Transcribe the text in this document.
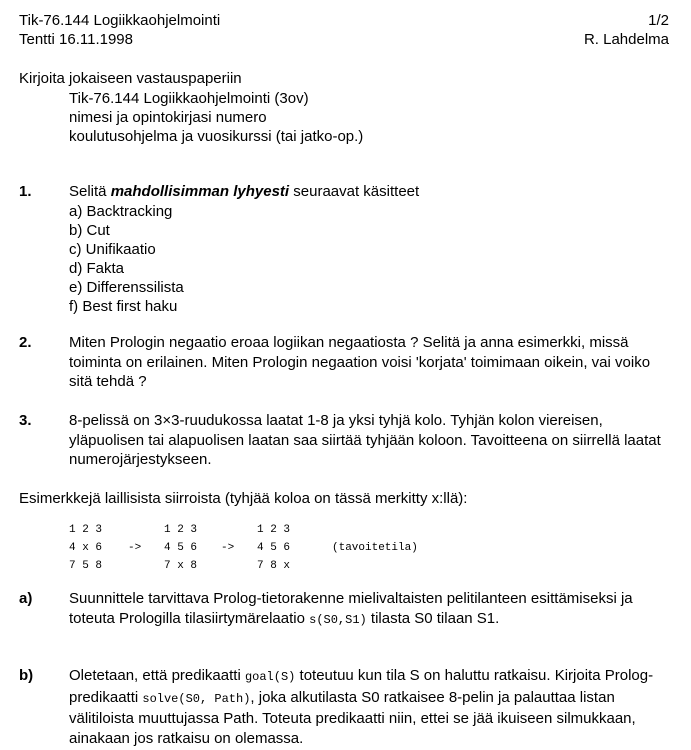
Tik-76.144 Logiikkaohjelmointi
Tentti 16.11.1998
1/2
R. Lahdelma
Kirjoita jokaiseen vastauspaperiin
Tik-76.144 Logiikkaohjelmointi (3ov)
nimesi ja opintokirjasi numero
koulutusohjelma ja vuosikurssi (tai jatko-op.)
1. Selitä mahdollisimman lyhyesti seuraavat käsitteet
a) Backtracking
b) Cut
c) Unifikaatio
d) Fakta
e) Differenssilista
f) Best first haku
2. Miten Prologin negaatio eroaa logiikan negaatiosta ? Selitä ja anna esimerkki, missä toiminta on erilainen. Miten Prologin negaation voisi 'korjata' toimimaan oikein, vai voiko sitä tehdä ?
3. 8-pelissä on 3×3-ruudukossa laatat 1-8 ja yksi tyhjä kolo. Tyhjän kolon viereisen, yläpuolisen tai alapuolisen laatan saa siirtää tyhjään koloon. Tavoitteena on siirrellä laatat numerojärjestykseen.
Esimerkkejä laillisista siirroista (tyhjää koloa on tässä merkitty x:llä):
1 2 3
4 x 6
7 5 8
->
1 2 3
4 5 6
7 x 8
->
1 2 3
4 5 6
7 8 x
(tavoitetila)
a) Suunnittele tarvittava Prolog-tietorakenne mielivaltaisten pelitilanteen esittämiseksi ja toteuta Prologilla tilasiirtymärelaatio s(S0,S1) tilasta S0 tilaan S1.
b) Oletetaan, että predikaatti goal(S) toteutuu kun tila S on haluttu ratkaisu. Kirjoita Prolog-predikaatti solve(S0, Path), joka alkutilasta S0 ratkaisee 8-pelin ja palauttaa listan välitiloista muuttujassa Path. Toteuta predikaatti niin, ettei se jää ikuiseen silmukkaan, ainakaan jos ratkaisu on olemassa.
